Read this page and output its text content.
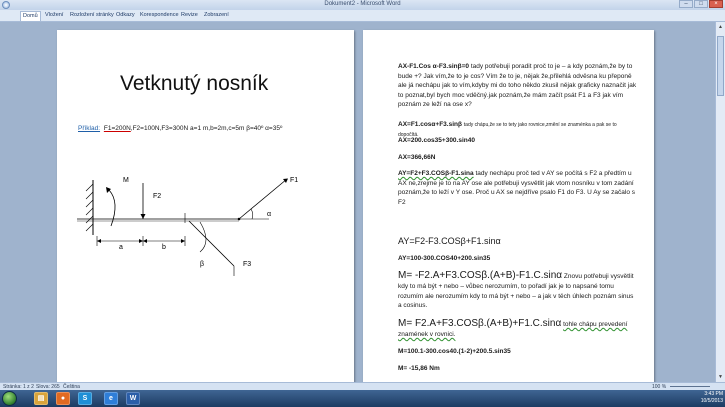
Dokument2 - Microsoft Word	–	□	×
Domů	Vložení Rozložení stránky Odkazy Korespondence Revize Zobrazení
Vetknutý nosník
Příklad: F1=200N,F2=100N,F3=300N a=1 m,b=2m,c=5m β=40º α=35º
M
F2
F1
α
a	b
β	F3
AX-F1.Cos α-F3.sinβ=0 tady potřebuji poradit proč to je – a kdy poznám,že by to bude +? Jak vím,že to je cos? Vím že to je, nějak že,přilehlá odvěsna ku přeponě ale já nechápu jak to vím,kdyby mi do toho někdo zkusil nějak graficky naznačit jak to poznat,byl bych moc vděčný.jak poznám,že mám začít psát F1 a F3 jak vím poznám ze leží na ose x?
AX=F1.cosα+F3.sinβ tady chápu,že se to tety jako rovnice,změní se znaménka a pak se to dopočítá.
AX=200.cos35+300.sin40
AX=366,66N
AY=F2+F3.COSβ-F1.sina tady nechápu proč ted v AY se počítá s F2 a předtím u AX ne,zrejme je to na AY ose ale potřebuji vysvětlit jak vtom nosníku v tom zadání poznám,že to leží v Y ose. Proč u AX se nejdříve psalo F1 do F3. U Ay se začalo s F2
AY=F2-F3.COSβ+F1.sinα
AY=100-300.COS40+200.sin35
M= -F2.A+F3.COSβ.(A+B)-F1.C.sinα Znovu potřebuji vysvětlit kdy to má být + nebo – vůbec nerozumím, to pořadí jak je to napsané tomu rozumím ale nerozumím kdy to má být + nebo – a jak v těch úhlech poznám sinus a cosinus.
M= F2.A+F3.COSβ.(A+B)+F1.C.sinα tohle chápu prevedení znamének v rovnici.
M=100.1-300.cos40.(1-2)+200.5.sin35
M= -15,86 Nm
▲
▼
Stránka: 1 z 2 Slova: 265 Čeština	100 %
▤	●	S	e	W
3:43 PM
10/5/2013
